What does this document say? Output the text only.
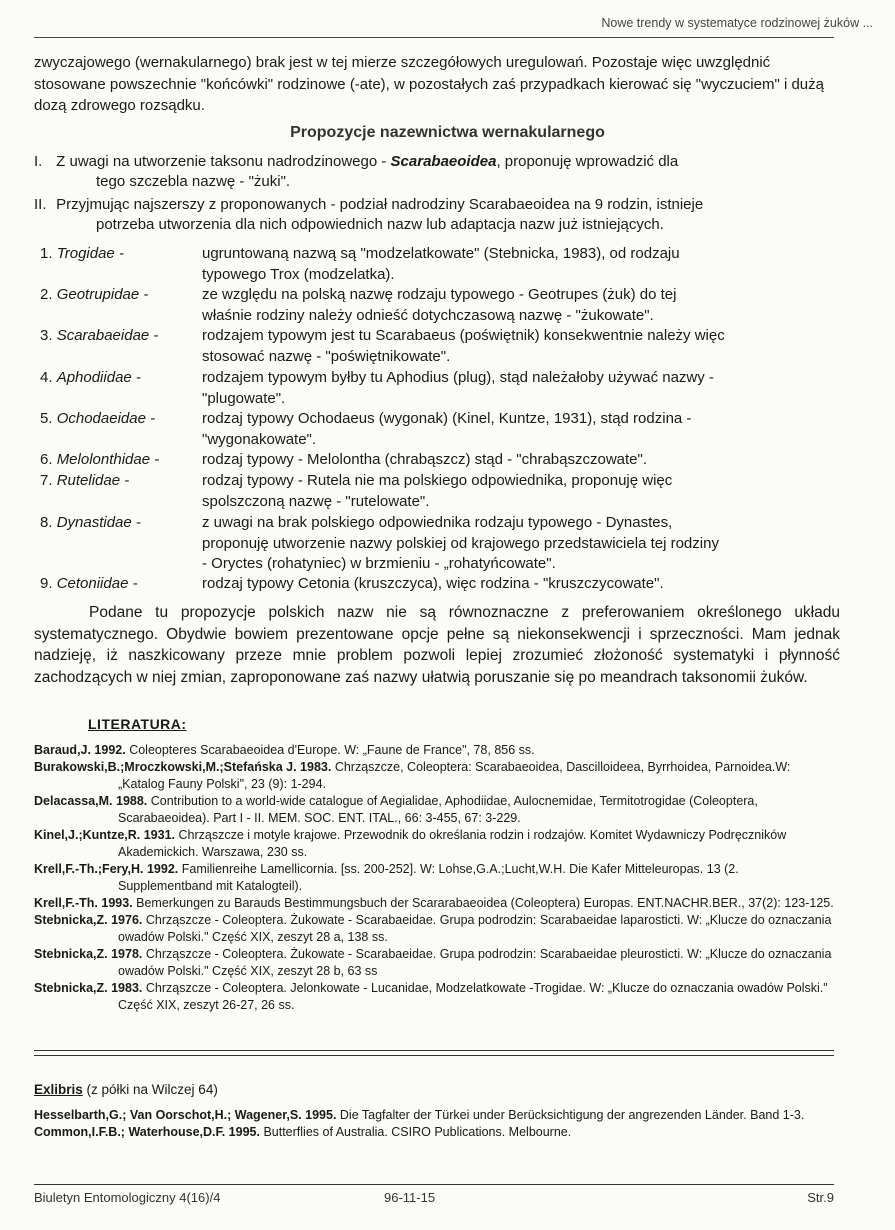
Nowe trendy w systematyce rodzinowej żuków ...
zwyczajowego (wernakularnego) brak jest w tej mierze szczegółowych uregulowań. Pozostaje więc uwzględnić stosowane powszechnie "końcówki" rodzinowe (-ate), w pozostałych zaś przypadkach kierować się "wyczuciem" i dużą dozą zdrowego rozsądku.
Propozycje nazewnictwa wernakularnego
I. Z uwagi na utworzenie taksonu nadrodzinowego - Scarabaeoidea, proponuję wprowadzić dla
tego szczebla nazwę - "żuki".
II. Przyjmując najszerszy z proponowanych - podział nadrodziny Scarabaeoidea na 9 rodzin, istnieje
potrzeba utworzenia dla nich odpowiednich nazw lub adaptacja nazw już istniejących.
1. Trogidae -	ugruntowaną nazwą są "modzelatkowate" (Stebnicka, 1983), od rodzaju
typowego Trox (modzelatka).
2. Geotrupidae -	ze względu na polską nazwę rodzaju typowego - Geotrupes (żuk) do tej
właśnie rodziny należy odnieść dotychczasową nazwę - "żukowate".
3. Scarabaeidae -	rodzajem typowym jest tu Scarabaeus (poświętnik) konsekwentnie należy więc
stosować nazwę - "poświętnikowate".
4. Aphodiidae -	rodzajem typowym byłby tu Aphodius (plug), stąd należałoby używać nazwy -
"plugowate".
5. Ochodaeidae -	rodzaj typowy Ochodaeus (wygonak) (Kinel, Kuntze, 1931), stąd rodzina -
"wygonakowate".
6. Melolonthidae -	rodzaj typowy - Melolontha (chrabąszcz) stąd - "chrabąszczowate".
7. Rutelidae -	rodzaj typowy - Rutela nie ma polskiego odpowiednika, proponuję więc
spolszczoną nazwę - "rutelowate".
8. Dynastidae -	z uwagi na brak polskiego odpowiednika rodzaju typowego - Dynastes,
proponuję utworzenie nazwy polskiej od krajowego przedstawiciela tej rodziny
- Oryctes (rohatyniec) w brzmieniu - „rohatyńcowate".
9. Cetoniidae -	rodzaj typowy Cetonia (kruszczyca), więc rodzina - "kruszczycowate".
Podane tu propozycje polskich nazw nie są równoznaczne z preferowaniem określonego układu systematycznego. Obydwie bowiem prezentowane opcje pełne są niekonsekwencji i sprzeczności. Mam jednak nadzieję, iż naszkicowany przeze mnie problem pozwoli lepiej zrozumieć złożoność systematyki i płynność zachodzących w niej zmian, zaproponowane zaś nazwy ułatwią poruszanie się po meandrach taksonomii żuków.
LITERATURA:
Baraud,J. 1992. Coleopteres Scarabaeoidea d'Europe. W: „Faune de France", 78, 856 ss.
Burakowski,B.;Mroczkowski,M.;Stefańska J. 1983. Chrząszcze, Coleoptera: Scarabaeoidea, Dascilloideea, Byrrhoidea, Parnoidea.W: „Katalog Fauny Polski", 23 (9): 1-294.
Delacassa,M. 1988. Contribution to a world-wide catalogue of Aegialidae, Aphodiidae, Aulocnemidae, Termitotrogidae (Coleoptera, Scarabaeoidea). Part I - II. MEM. SOC. ENT. ITAL., 66: 3-455, 67: 3-229.
Kinel,J.;Kuntze,R. 1931. Chrząszcze i motyle krajowe. Przewodnik do określania rodzin i rodzajów. Komitet Wydawniczy Podręczników Akademickich. Warszawa, 230 ss.
Krell,F.-Th.;Fery,H. 1992. Familienreihe Lamellicornia. [ss. 200-252]. W: Lohse,G.A.;Lucht,W.H. Die Kafer Mitteleuropas. 13 (2. Supplementband mit Katalogteil).
Krell,F.-Th. 1993. Bemerkungen zu Barauds Bestimmungsbuch der Scararabaeoidea (Coleoptera) Europas. ENT.NACHR.BER., 37(2): 123-125.
Stebnicka,Z. 1976. Chrząszcze - Coleoptera. Żukowate - Scarabaeidae. Grupa podrodzin: Scarabaeidae laparosticti. W: „Klucze do oznaczania owadów Polski." Część XIX, zeszyt 28 a, 138 ss.
Stebnicka,Z. 1978. Chrząszcze - Coleoptera. Żukowate - Scarabaeidae. Grupa podrodzin: Scarabaeidae pleurosticti. W: „Klucze do oznaczania owadów Polski." Część XIX, zeszyt 28 b, 63 ss
Stebnicka,Z. 1983. Chrząszcze - Coleoptera. Jelonkowate - Lucanidae, Modzelatkowate -Trogidae. W: „Klucze do oznaczania owadów Polski." Część XIX, zeszyt 26-27, 26 ss.
Exlibris (z półki na Wilczej 64)
Hesselbarth,G.; Van Oorschot,H.; Wagener,S. 1995. Die Tagfalter der Türkei under Berücksichtigung der angrezenden Länder. Band 1-3.
Common,I.F.B.; Waterhouse,D.F. 1995. Butterflies of Australia. CSIRO Publications. Melbourne.
Biuletyn Entomologiczny 4(16)/4	96-11-15	Str.9
